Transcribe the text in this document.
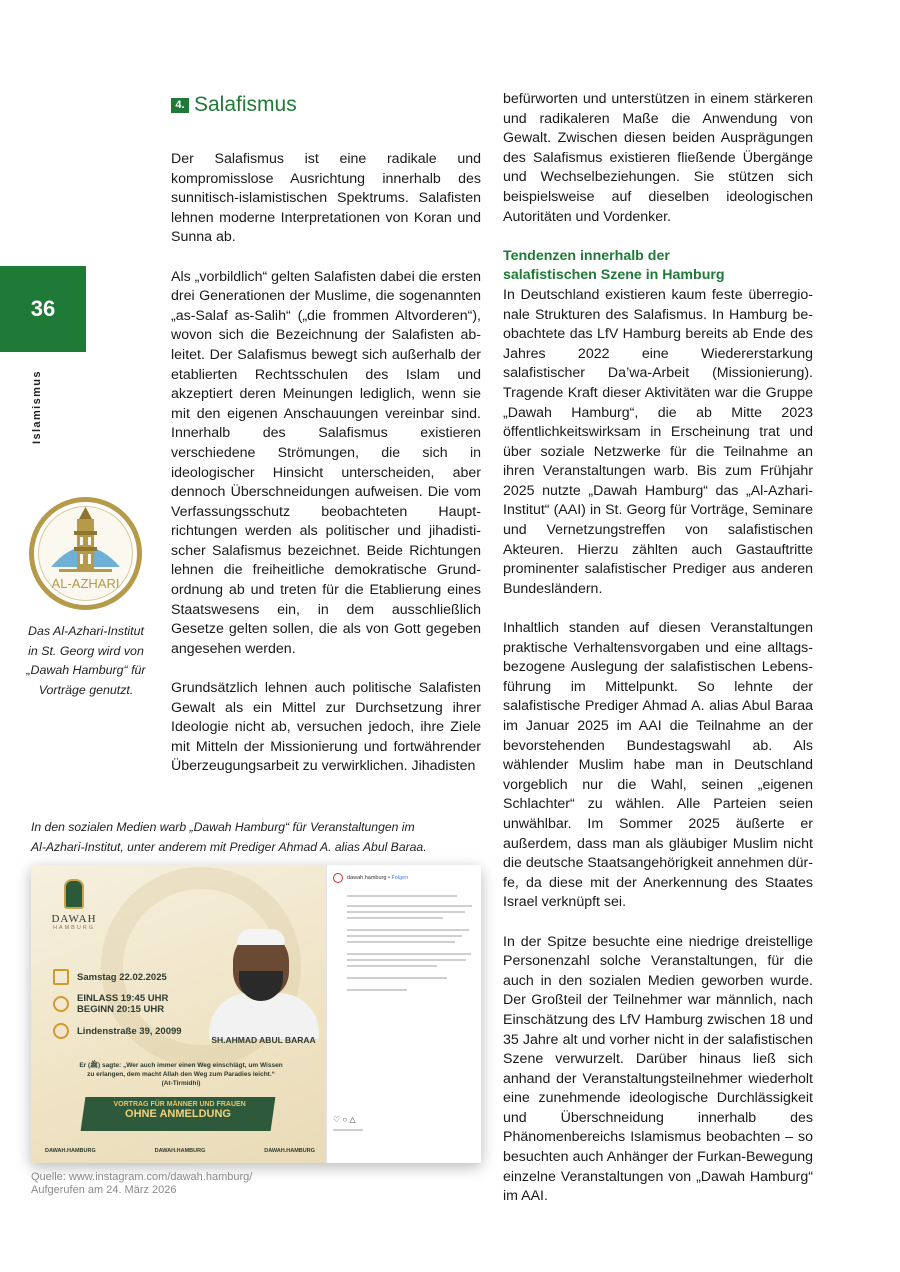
36
Islamismus
AL-AZHARI
Das Al-Azhari-Institut in St. Georg wird von „Dawah Hamburg“ für Vorträge genutzt.
4. Salafismus

Der Salafismus ist eine radikale und kompromisslose Ausrichtung innerhalb des sunnitisch-islamistischen Spektrums. Salafisten lehnen moderne Interpretationen von Koran und Sunna ab.

Als „vorbildlich“ gelten Salafisten dabei die ersten drei Generationen der Muslime, die sogenannten „as-Salaf as-Salih“ („die frommen Altvorderen“), wovon sich die Bezeichnung der Salafisten ableitet. Der Salafismus bewegt sich außerhalb der etablierten Rechtsschulen des Islam und akzeptiert deren Meinungen lediglich, wenn sie mit den eigenen Anschauungen vereinbar sind. Innerhalb des Salafismus existieren verschiedene Strömungen, die sich in ideologischer Hinsicht unterscheiden, aber dennoch Überschneidungen aufweisen. Die vom Verfassungsschutz beobachteten Hauptrichtungen werden als politischer und jihadistischer Salafismus bezeichnet. Beide Richtungen lehnen die freiheitliche demokratische Grundordnung ab und treten für die Etablierung eines Staatswesens ein, in dem ausschließlich Gesetze gelten sollen, die als von Gott gegeben angesehen werden.

Grundsätzlich lehnen auch politische Salafisten Gewalt als ein Mittel zur Durchsetzung ihrer Ideologie nicht ab, versuchen jedoch, ihre Ziele mit Mitteln der Missionierung und fortwährender Überzeugungsarbeit zu verwirklichen. Jihadisten

befürworten und unterstützen in einem stärkeren und radikaleren Maße die Anwendung von Gewalt. Zwischen diesen beiden Ausprägungen des Salafismus existieren fließende Übergänge und Wechselbeziehungen. Sie stützen sich beispielsweise auf dieselben ideologischen Autoritäten und Vordenker.

Tendenzen innerhalb der
salafistischen Szene in Hamburg

In Deutschland existieren kaum feste überregionale Strukturen des Salafismus. In Hamburg beobachtete das LfV Hamburg bereits ab Ende des Jahres 2022 eine Wiedererstarkung salafistischer Da’wa-Arbeit (Missionierung). Tragende Kraft dieser Aktivitäten war die Gruppe „Dawah Hamburg“, die ab Mitte 2023 öffentlichkeitswirksam in Erscheinung trat und über soziale Netzwerke für die Teilnahme an ihren Veranstaltungen warb. Bis zum Frühjahr 2025 nutzte „Dawah Hamburg“ das „Al-Azhari-Institut“ (AAI) in St. Georg für Vorträge, Seminare und Vernetzungstreffen von salafistischen Akteuren. Hierzu zählten auch Gastauftritte prominenter salafistischer Prediger aus anderen Bundesländern.

Inhaltlich standen auf diesen Veranstaltungen praktische Verhaltensvorgaben und eine alltagsbezogene Auslegung der salafistischen Lebensführung im Mittelpunkt. So lehnte der salafistische Prediger Ahmad A. alias Abul Baraa im Januar 2025 im AAI die Teilnahme an der bevorstehenden Bundestagswahl ab. Als wählender Muslim habe man in Deutschland vorgeblich nur die Wahl, seinen „eigenen Schlachter“ zu wählen. Alle Parteien seien unwählbar. Im Sommer 2025 äußerte er außerdem, dass man als gläubiger Muslim nicht die deutsche Staatsangehörigkeit annehmen dürfe, da diese mit der Anerkennung des Staates Israel verknüpft sei.

In der Spitze besuchte eine niedrige dreistellige Personenzahl solche Veranstaltungen, für die auch in den sozialen Medien geworben wurde. Der Großteil der Teilnehmer war männlich, nach Einschätzung des LfV Hamburg zwischen 18 und 35 Jahre alt und vorher nicht in der salafistischen Szene verwurzelt. Darüber hinaus ließ sich anhand der Veranstaltungsteilnehmer wiederholt eine zunehmende ideologische Durchlässigkeit und Überschneidung innerhalb des Phänomenbereichs Islamismus beobachten – so besuchten auch Anhänger der Furkan-Bewegung einzelne Veranstaltungen von „Dawah Hamburg“ im AAI.

In den sozialen Medien warb „Dawah Hamburg“ für Veranstaltungen im
Al-Azhari-Institut, unter anderem mit Prediger Ahmad A. alias Abul Baraa.
DAWAH
HAMBURG
Samstag 22.02.2025
EINLASS 19:45 UHR
BEGINN 20:15 UHR
Lindenstraße 39, 20099
SH.AHMAD ABUL BARAA
Er (ﷺ) sagte: „Wer auch immer einen Weg einschlägt, um Wissen
zu erlangen, dem macht Allah den Weg zum Paradies leicht.“
(At-Tirmidhi)
VORTRAG FÜR MÄNNER UND FRAUEN
OHNE ANMELDUNG
DAWAH.HAMBURG	DAWAH.HAMBURG	DAWAH.HAMBURG
dawah.hamburg • Folgen
♡ ○ △
Quelle: www.instagram.com/dawah.hamburg/
Aufgerufen am 24. März 2026
